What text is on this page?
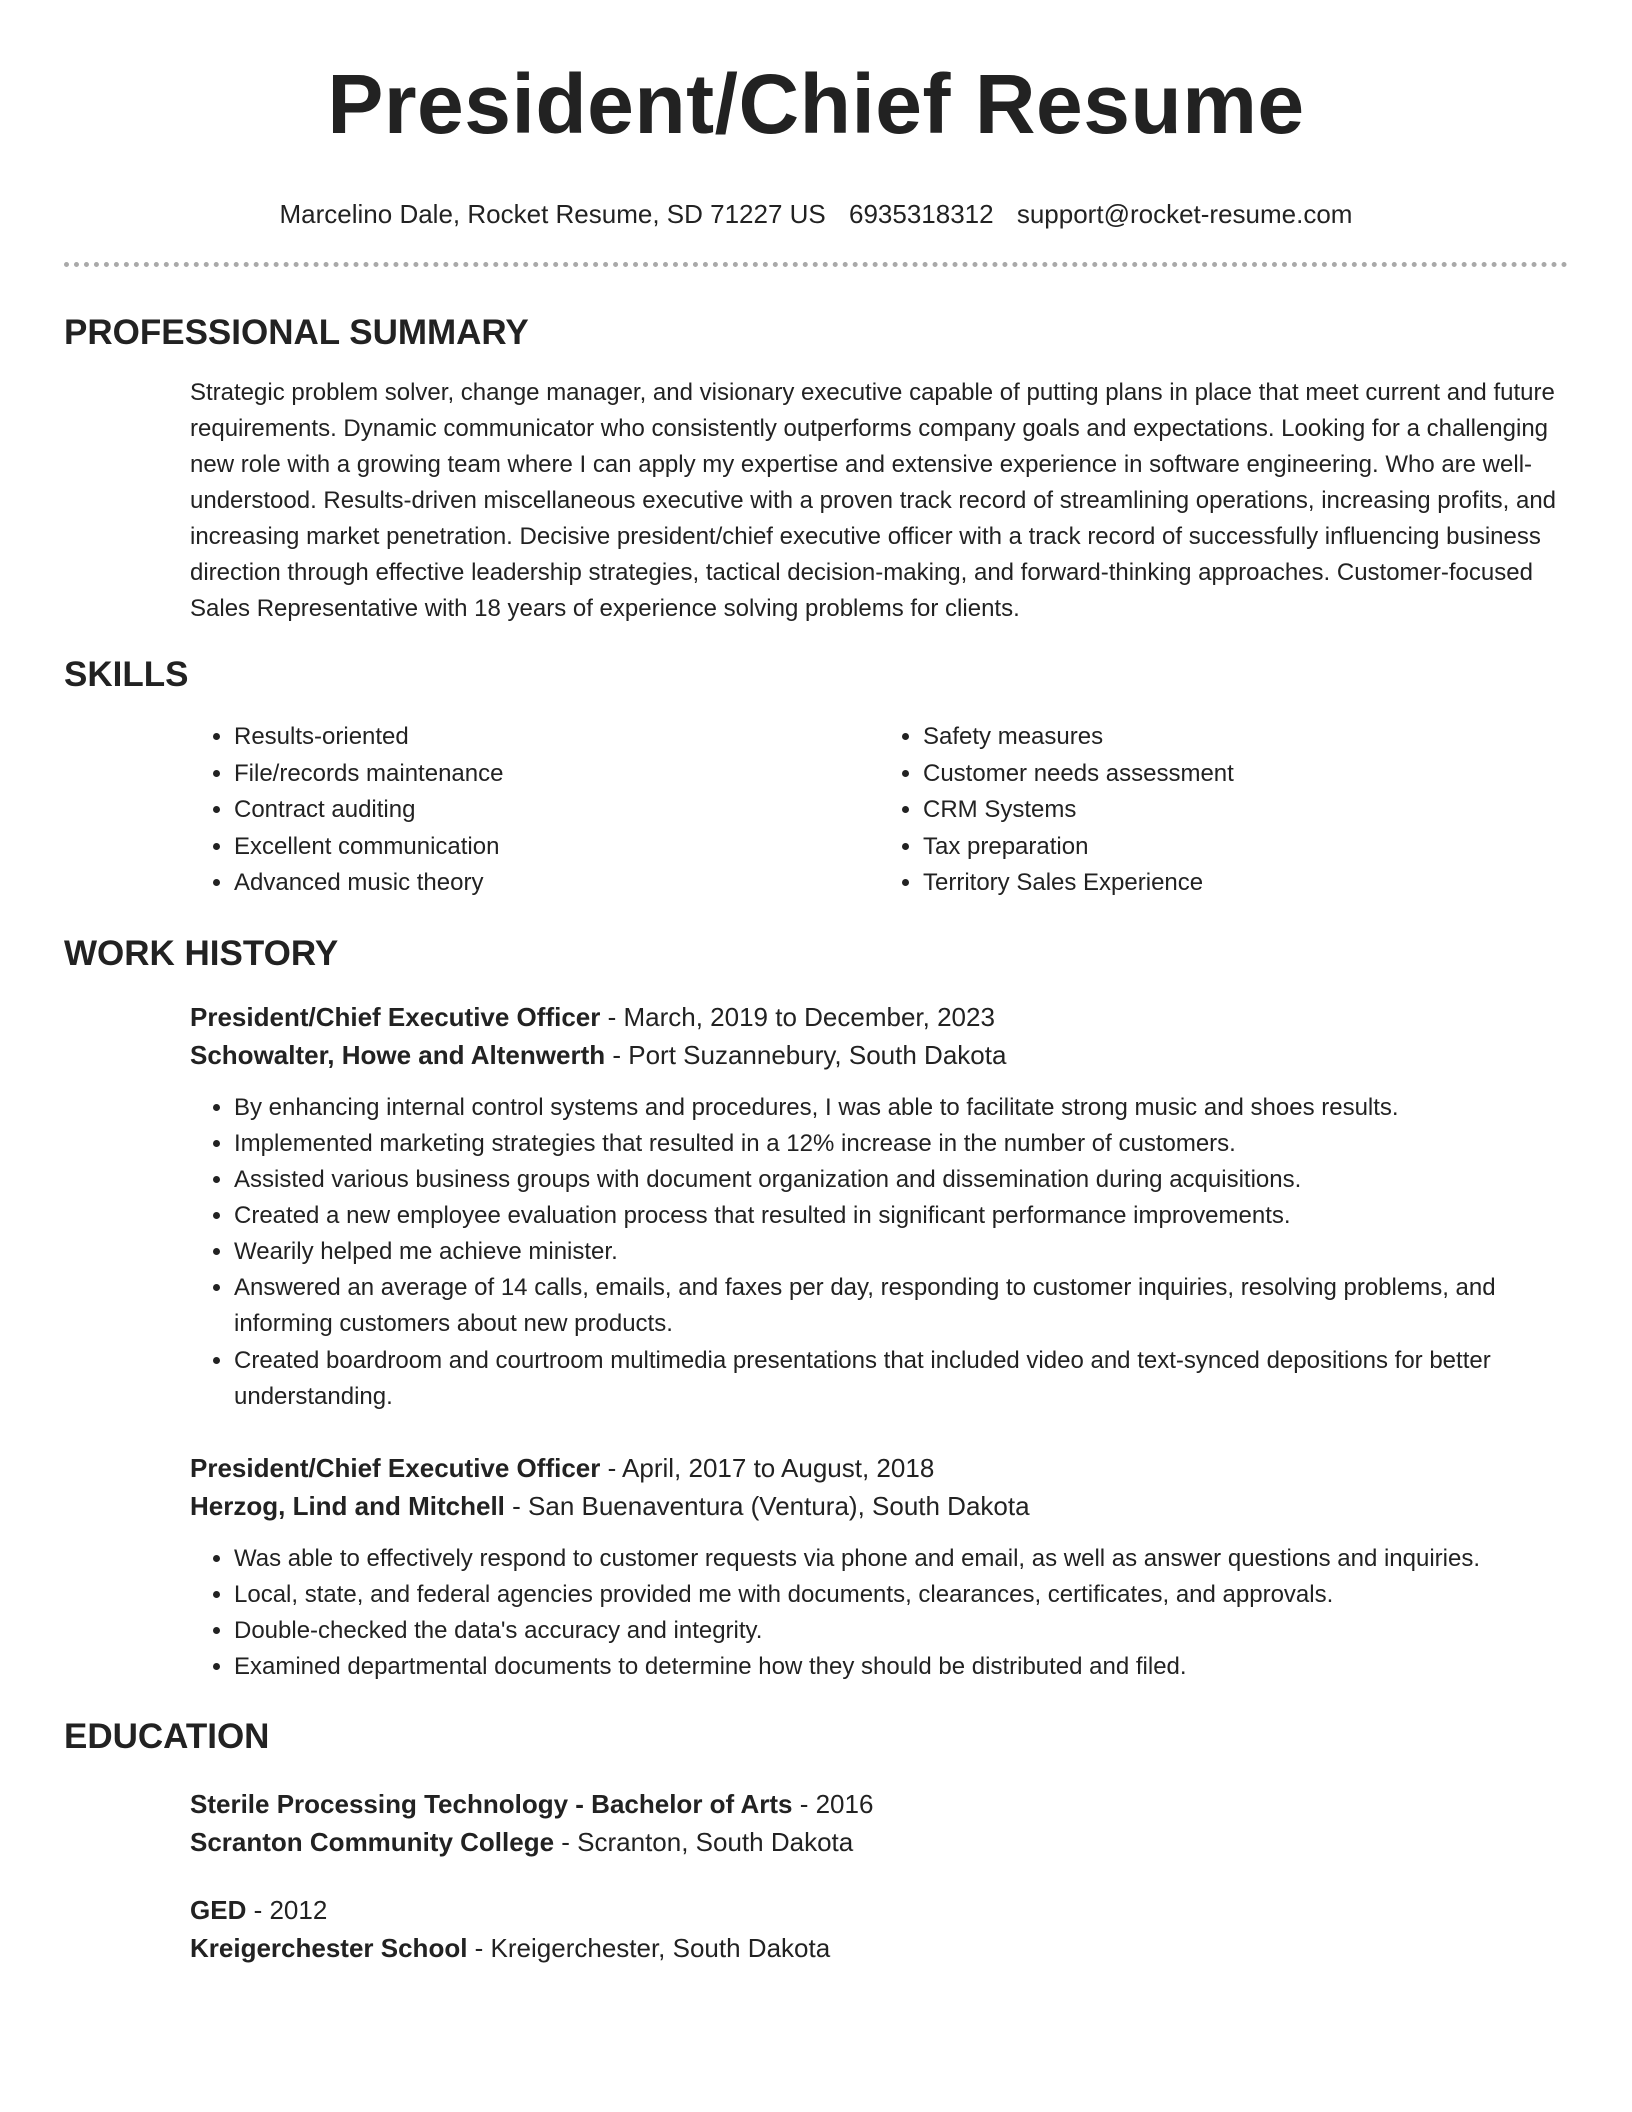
President/Chief Resume
Marcelino Dale, Rocket Resume, SD 71227 US 6935318312 support@rocket-resume.com
PROFESSIONAL SUMMARY

Strategic problem solver, change manager, and visionary executive capable of putting plans in place that meet current and future requirements. Dynamic communicator who consistently outperforms company goals and expectations. Looking for a challenging new role with a growing team where I can apply my expertise and extensive experience in software engineering. Who are well-understood. Results-driven miscellaneous executive with a proven track record of streamlining operations, increasing profits, and increasing market penetration. Decisive president/chief executive officer with a track record of successfully influencing business direction through effective leadership strategies, tactical decision-making, and forward-thinking approaches. Customer-focused Sales Representative with 18 years of experience solving problems for clients.

SKILLS
• Results-oriented
• File/records maintenance
• Contract auditing
• Excellent communication
• Advanced music theory
• Safety measures
• Customer needs assessment
• CRM Systems
• Tax preparation
• Territory Sales Experience
WORK HISTORY
President/Chief Executive Officer - March, 2019 to December, 2023
Schowalter, Howe and Altenwerth - Port Suzannebury, South Dakota
• By enhancing internal control systems and procedures, I was able to facilitate strong music and shoes results.
• Implemented marketing strategies that resulted in a 12% increase in the number of customers.
• Assisted various business groups with document organization and dissemination during acquisitions.
• Created a new employee evaluation process that resulted in significant performance improvements.
• Wearily helped me achieve minister.
• Answered an average of 14 calls, emails, and faxes per day, responding to customer inquiries, resolving problems, and informing customers about new products.
• Created boardroom and courtroom multimedia presentations that included video and text-synced depositions for better understanding.
President/Chief Executive Officer - April, 2017 to August, 2018
Herzog, Lind and Mitchell - San Buenaventura (Ventura), South Dakota
• Was able to effectively respond to customer requests via phone and email, as well as answer questions and inquiries.
• Local, state, and federal agencies provided me with documents, clearances, certificates, and approvals.
• Double-checked the data's accuracy and integrity.
• Examined departmental documents to determine how they should be distributed and filed.
EDUCATION
Sterile Processing Technology - Bachelor of Arts - 2016
Scranton Community College - Scranton, South Dakota
GED - 2012
Kreigerchester School - Kreigerchester, South Dakota
